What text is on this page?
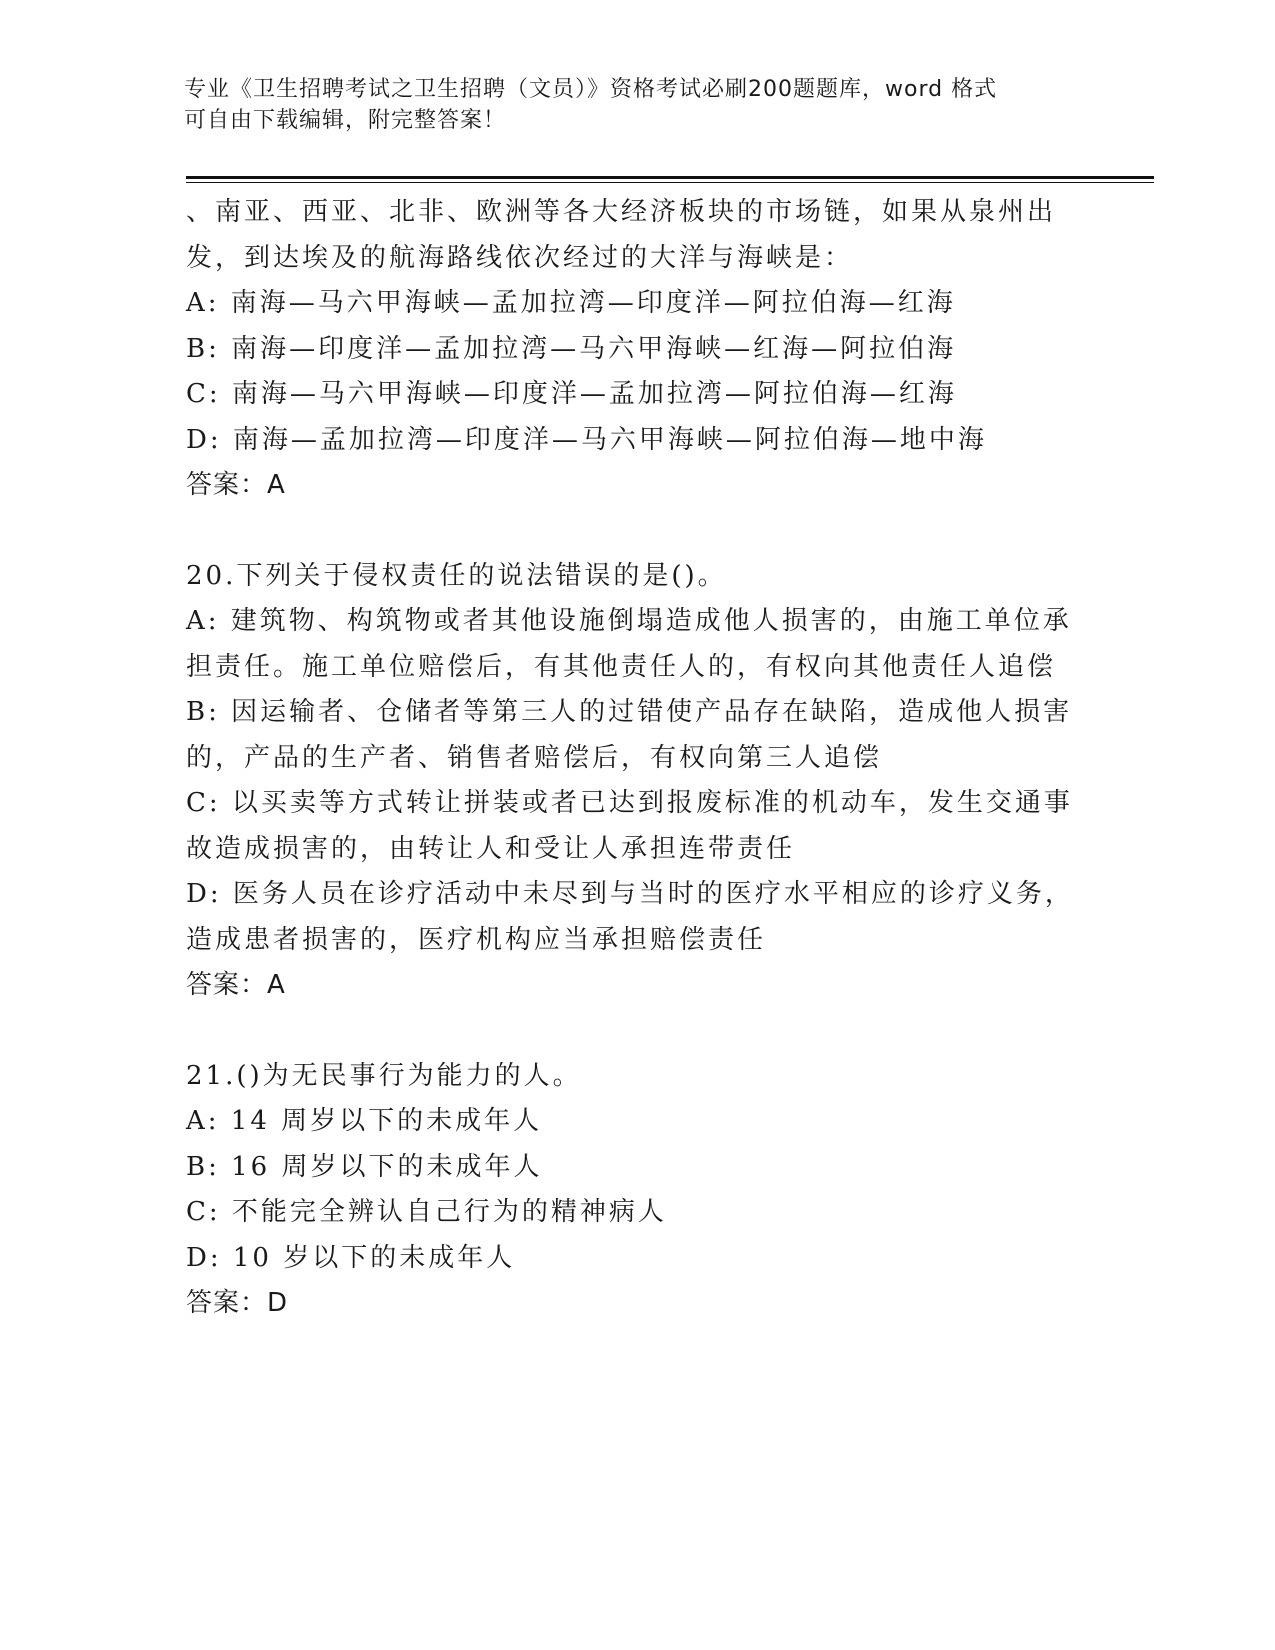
专业《卫生招聘考试之卫生招聘（文员）》资格考试必刷200题题库，word 格式
可自由下载编辑，附完整答案！
、南亚、西亚、北非、欧洲等各大经济板块的市场链，如果从泉州出
发，到达埃及的航海路线依次经过的大洋与海峡是：
A: 南海—马六甲海峡—孟加拉湾—印度洋—阿拉伯海—红海
B: 南海—印度洋—孟加拉湾—马六甲海峡—红海—阿拉伯海
C: 南海—马六甲海峡—印度洋—孟加拉湾—阿拉伯海—红海
D: 南海—孟加拉湾—印度洋—马六甲海峡—阿拉伯海—地中海
答案：A
20.下列关于侵权责任的说法错误的是()。
A: 建筑物、构筑物或者其他设施倒塌造成他人损害的，由施工单位承
担责任。施工单位赔偿后，有其他责任人的，有权向其他责任人追偿
B: 因运输者、仓储者等第三人的过错使产品存在缺陷，造成他人损害
的，产品的生产者、销售者赔偿后，有权向第三人追偿
C: 以买卖等方式转让拼装或者已达到报废标准的机动车，发生交通事
故造成损害的，由转让人和受让人承担连带责任
D: 医务人员在诊疗活动中未尽到与当时的医疗水平相应的诊疗义务，
造成患者损害的，医疗机构应当承担赔偿责任
答案：A
21.()为无民事行为能力的人。
A: 14 周岁以下的未成年人
B: 16 周岁以下的未成年人
C: 不能完全辨认自己行为的精神病人
D: 10 岁以下的未成年人
答案：D
